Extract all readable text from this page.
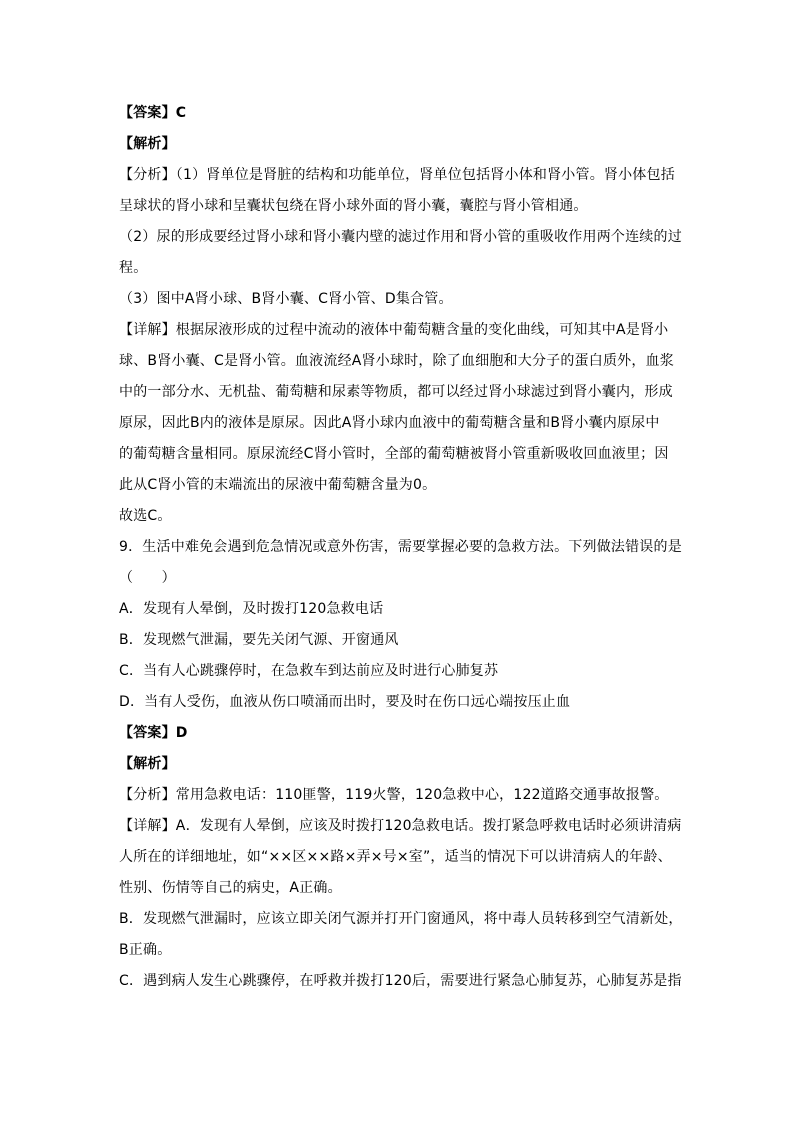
【答案】C
【解析】
【分析】（1）肾单位是肾脏的结构和功能单位，肾单位包括肾小体和肾小管。肾小体包括
呈球状的肾小球和呈囊状包绕在肾小球外面的肾小囊，囊腔与肾小管相通。
（2）尿的形成要经过肾小球和肾小囊内壁的滤过作用和肾小管的重吸收作用两个连续的过
程。
（3）图中A肾小球、B肾小囊、C肾小管、D集合管。
【详解】根据尿液形成的过程中流动的液体中葡萄糖含量的变化曲线，可知其中A是肾小
球、B肾小囊、C是肾小管。血液流经A肾小球时，除了血细胞和大分子的蛋白质外，血浆
中的一部分水、无机盐、葡萄糖和尿素等物质，都可以经过肾小球滤过到肾小囊内，形成
原尿，因此B内的液体是原尿。因此A肾小球内血液中的葡萄糖含量和B肾小囊内原尿中
的葡萄糖含量相同。原尿流经C肾小管时，全部的葡萄糖被肾小管重新吸收回血液里；因
此从C肾小管的末端流出的尿液中葡萄糖含量为0。
故选C。
9．生活中难免会遇到危急情况或意外伤害，需要掌握必要的急救方法。下列做法错误的是
（　　）
A．发现有人晕倒，及时拨打120急救电话
B．发现燃气泄漏，要先关闭气源、开窗通风
C．当有人心跳骤停时，在急救车到达前应及时进行心肺复苏
D．当有人受伤，血液从伤口喷涌而出时，要及时在伤口远心端按压止血
【答案】D
【解析】
【分析】常用急救电话：110匪警，119火警，120急救中心，122道路交通事故报警。
【详解】A．发现有人晕倒，应该及时拨打120急救电话。拨打紧急呼救电话时必须讲清病
人所在的详细地址，如“××区××路×弄×号×室”，适当的情况下可以讲清病人的年龄、
性别、伤情等自己的病史，A正确。
B．发现燃气泄漏时，应该立即关闭气源并打开门窗通风，将中毒人员转移到空气清新处，
B正确。
C．遇到病人发生心跳骤停，在呼救并拨打120后，需要进行紧急心肺复苏，心肺复苏是指
